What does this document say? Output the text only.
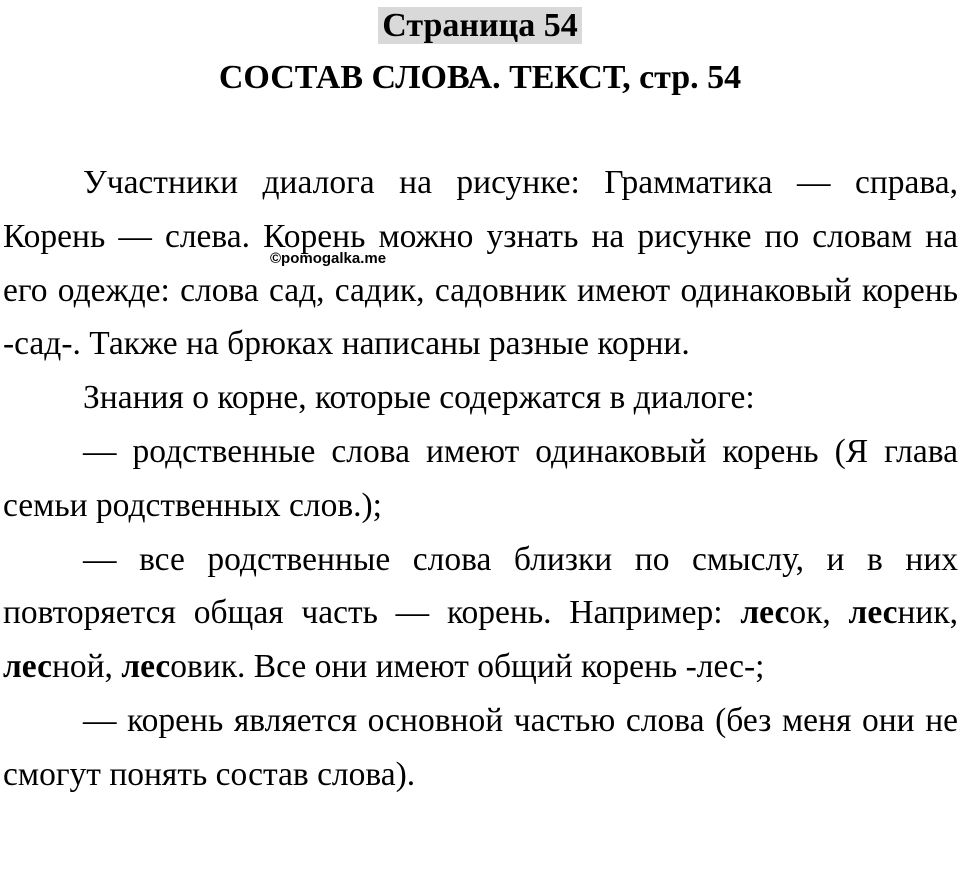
Страница 54
СОСТАВ СЛОВА. ТЕКСТ, стр. 54

Участники диалога на рисунке: Грамматика — справа, Корень — слева. Корень можно узнать на рисунке по словам на его одежде: слова сад, садик, садовник имеют одинаковый корень -сад-. Также на брюках написаны разные корни.

Знания о корне, которые содержатся в диалоге:

— родственные слова имеют одинаковый корень (Я глава семьи родственных слов.);

— все родственные слова близки по смыслу, и в них повторяется общая часть — корень. Например: лесок, лесник, лесной, лесовик. Все они имеют общий корень -лес-;

— корень является основной частью слова (без меня они не смогут понять состав слова).

©pomogalka.me
